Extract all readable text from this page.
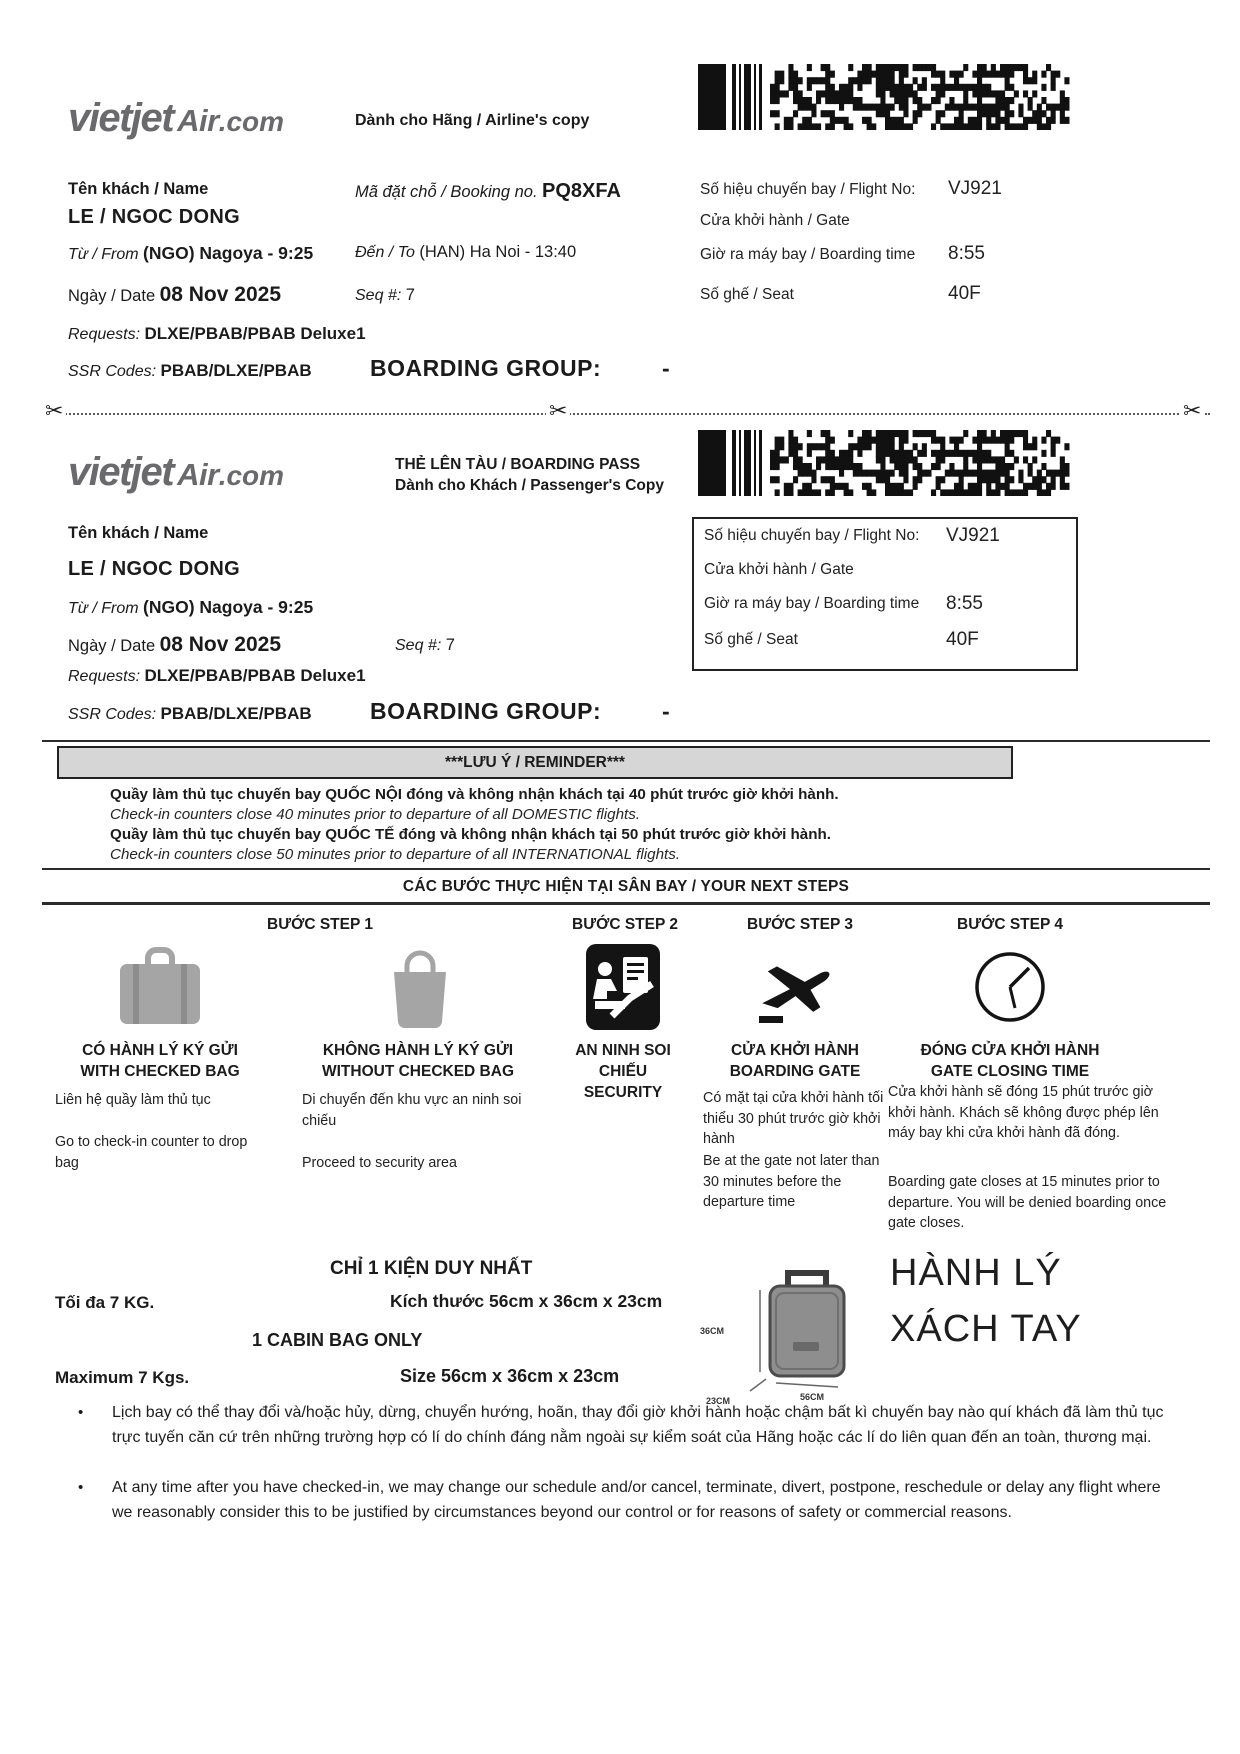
vietjet Air.com	Dành cho Hãng / Airline's copy
Tên khách / Name	Mã đặt chỗ / Booking no. PQ8XFA	Số hiệu chuyến bay / Flight No: VJ921
LE / NGOC DONG	Cửa khởi hành / Gate
Từ / From (NGO) Nagoya - 9:25	Đến / To (HAN) Ha Noi - 13:40	Giờ ra máy bay / Boarding time 8:55
Ngày / Date 08 Nov 2025	Seq #: 7	Số ghế / Seat	40F
Requests: DLXE/PBAB/PBAB Deluxe1
SSR Codes: PBAB/DLXE/PBAB	BOARDING GROUP:	-
✂	✂	✂
vietjet Air.com	THẺ LÊN TÀU / BOARDING PASS
Dành cho Khách / Passenger's Copy
Tên khách / Name
LE / NGOC DONG
Từ / From (NGO) Nagoya - 9:25
Ngày / Date 08 Nov 2025	Seq #: 7
Số hiệu chuyến bay / Flight No: VJ921
Cửa khởi hành / Gate
Giờ ra máy bay / Boarding time 8:55
Số ghế / Seat	40F
Requests: DLXE/PBAB/PBAB Deluxe1
SSR Codes: PBAB/DLXE/PBAB	BOARDING GROUP:	-
***LƯU Ý / REMINDER***
Quầy làm thủ tục chuyến bay QUỐC NỘI đóng và không nhận khách tại 40 phút trước giờ khởi hành.
Check-in counters close 40 minutes prior to departure of all DOMESTIC flights.
Quầy làm thủ tục chuyến bay QUỐC TẾ đóng và không nhận khách tại 50 phút trước giờ khởi hành.
Check-in counters close 50 minutes prior to departure of all INTERNATIONAL flights.
CÁC BƯỚC THỰC HIỆN TẠI SÂN BAY / YOUR NEXT STEPS
BƯỚC STEP 1	BƯỚC STEP 2	BƯỚC STEP 3	BƯỚC STEP 4
CÓ HÀNH LÝ KÝ GỬI
WITH CHECKED BAG
KHÔNG HÀNH LÝ KÝ GỬI
WITHOUT CHECKED BAG
AN NINH SOI CHIẾU
SECURITY
CỬA KHỞI HÀNH
BOARDING GATE
ĐÓNG CỬA KHỞI HÀNH
GATE CLOSING TIME
Liên hệ quầy làm thủ tục
Go to check-in counter to drop bag
Di chuyển đến khu vực an ninh soi chiếu
Proceed to security area
Có mặt tại cửa khởi hành tối thiểu 30 phút trước giờ khởi hành
Be at the gate not later than 30 minutes before the departure time
Cửa khởi hành sẽ đóng 15 phút trước giờ khởi hành. Khách sẽ không được phép lên máy bay khi cửa khởi hành đã đóng.
Boarding gate closes at 15 minutes prior to departure. You will be denied boarding once gate closes.
CHỈ 1 KIỆN DUY NHẤT
Tối đa 7 KG.	Kích thước 56cm x 36cm x 23cm
1 CABIN BAG ONLY
Maximum 7 Kgs.	Size 56cm x 36cm x 23cm
36CM
23CM	56CM
HÀNH LÝ
XÁCH TAY
• Lịch bay có thể thay đổi và/hoặc hủy, dừng, chuyển hướng, hoãn, thay đổi giờ khởi hành hoặc chậm bất kì chuyến bay nào quí khách đã làm thủ tục trực tuyến căn cứ trên những trường hợp có lí do chính đáng nằm ngoài sự kiểm soát của Hãng hoặc các lí do liên quan đến an toàn, thương mại.
• At any time after you have checked-in, we may change our schedule and/or cancel, terminate, divert, postpone, reschedule or delay any flight where we reasonably consider this to be justified by circumstances beyond our control or for reasons of safety or commercial reasons.
